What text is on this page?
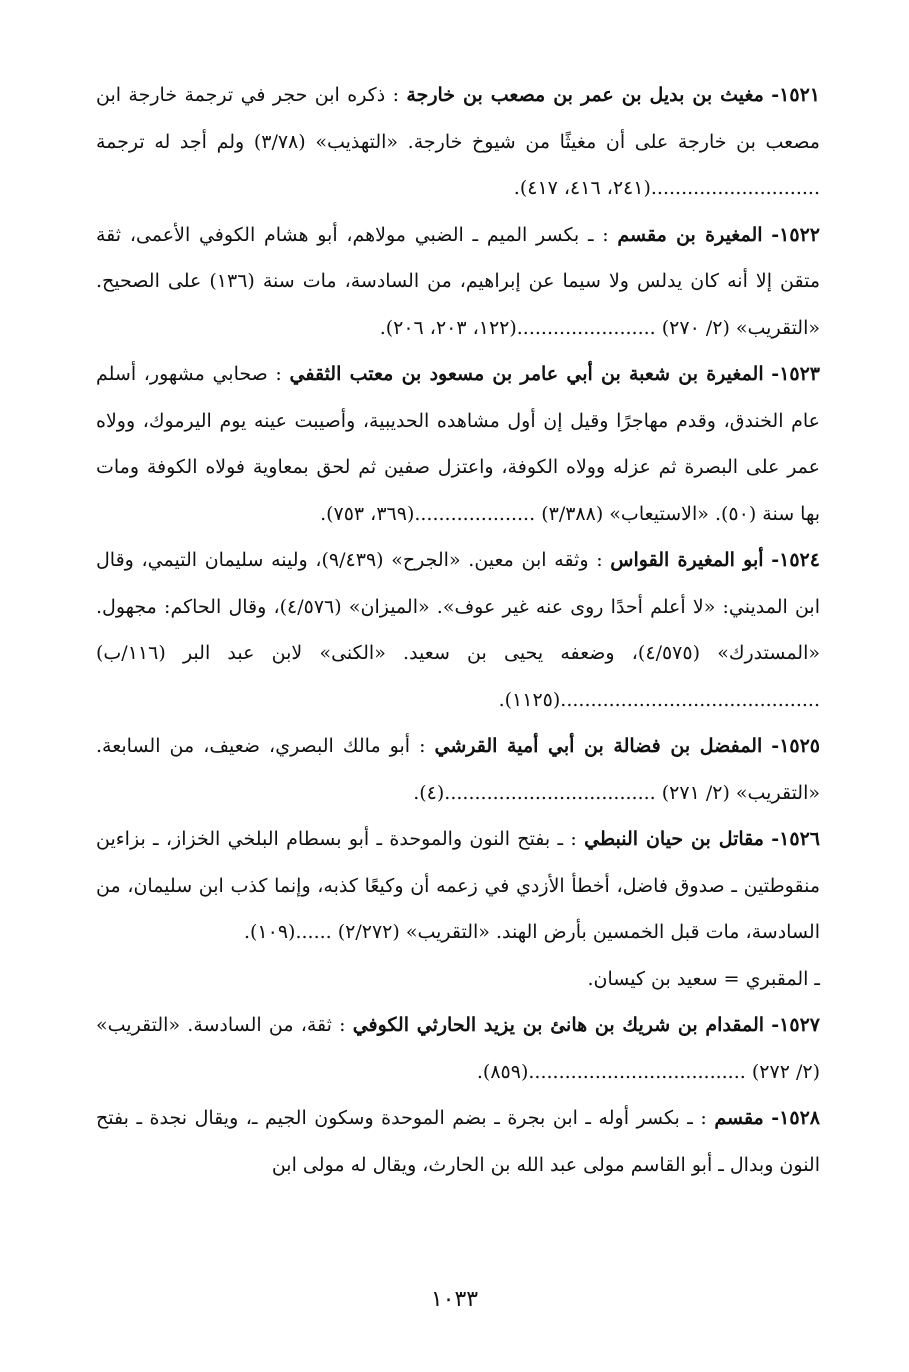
١٥٢١- مغيث بن بديل بن عمر بن مصعب بن خارجة : ذكره ابن حجر في ترجمة خارجة ابن مصعب بن خارجة على أن مغيثًا من شيوخ خارجة. «التهذيب» (٣/٧٨) ولم أجد له ترجمة ............................(٢٤١، ٤١٦، ٤١٧).
١٥٢٢- المغيرة بن مقسم : ـ بكسر الميم ـ الضبي مولاهم، أبو هشام الكوفي الأعمى، ثقة متقن إلا أنه كان يدلس ولا سيما عن إبراهيم، من السادسة، مات سنة (١٣٦) على الصحيح. «التقريب» (٢/ ٢٧٠) .......................(١٢٢، ٢٠٣، ٢٠٦).
١٥٢٣- المغيرة بن شعبة بن أبي عامر بن مسعود بن معتب الثقفي : صحابي مشهور، أسلم عام الخندق، وقدم مهاجرًا وقيل إن أول مشاهده الحديبية، وأصيبت عينه يوم اليرموك، وولاه عمر على البصرة ثم عزله وولاه الكوفة، واعتزل صفين ثم لحق بمعاوية فولاه الكوفة ومات بها سنة (٥٠). «الاستيعاب» (٣/٣٨٨) ....................(٣٦٩، ٧٥٣).
١٥٢٤- أبو المغيرة القواس : وثقه ابن معين. «الجرح» (٩/٤٣٩)، ولينه سليمان التيمي، وقال ابن المديني: «لا أعلم أحدًا روى عنه غير عوف». «الميزان» (٤/٥٧٦)، وقال الحاكم: مجهول. «المستدرك» (٤/٥٧٥)، وضعفه يحيى بن سعيد. «الكنى» لابن عبد البر (١١٦/ب) ...........................................(١١٢٥).
١٥٢٥- المفضل بن فضالة بن أبي أمية القرشي : أبو مالك البصري، ضعيف، من السابعة. «التقريب» (٢/ ٢٧١) ...................................(٤).
١٥٢٦- مقاتل بن حيان النبطي : ـ بفتح النون والموحدة ـ أبو بسطام البلخي الخزاز، ـ بزاءين منقوطتين ـ صدوق فاضل، أخطأ الأزدي في زعمه أن وكيعًا كذبه، وإنما كذب ابن سليمان، من السادسة، مات قبل الخمسين بأرض الهند. «التقريب» (٢/٢٧٢) ......(١٠٩).
ـ المقبري = سعيد بن كيسان.
١٥٢٧- المقدام بن شريك بن هانئ بن يزيد الحارثي الكوفي : ثقة، من السادسة. «التقريب» (٢/ ٢٧٢) ....................................(٨٥٩).
١٥٢٨- مقسم : ـ بكسر أوله ـ ابن بجرة ـ بضم الموحدة وسكون الجيم ـ، ويقال نجدة ـ بفتح النون وبدال ـ أبو القاسم مولى عبد الله بن الحارث، ويقال له مولى ابن
١٠٣٣
